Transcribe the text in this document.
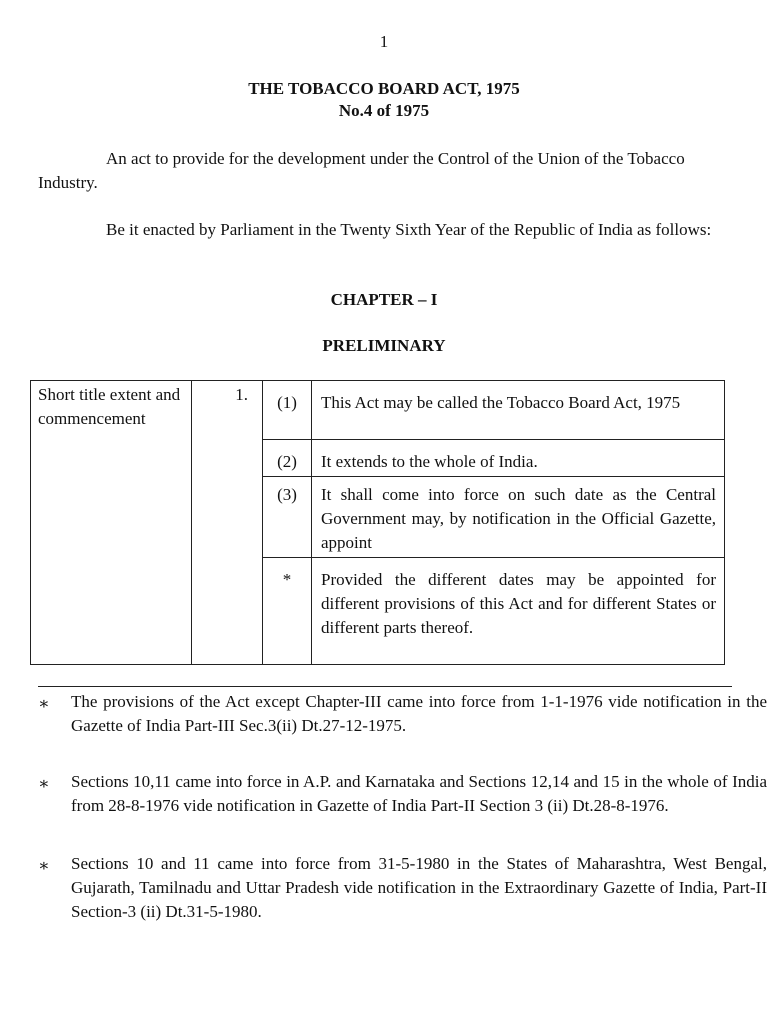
1
THE TOBACCO BOARD ACT, 1975
No.4 of 1975
An act to provide for the development under the Control of the Union of the Tobacco Industry.
Be it enacted by Parliament in the Twenty Sixth Year of the Republic of India as follows:
CHAPTER – I
PRELIMINARY
Short title extent and commencement	1.	(1)	This Act may be called the Tobacco Board Act, 1975
		(2)	It extends to the whole of India.
		(3)	It shall come into force on such date as the Central Government may, by notification in the Official Gazette, appoint
		*	Provided the different dates may be appointed for different provisions of this Act and for different States or different parts thereof.
∗	The provisions of the Act except Chapter-III came into force from 1-1-1976 vide notification in the Gazette of India Part-III Sec.3(ii) Dt.27-12-1975.
∗	Sections 10,11 came into force in A.P. and Karnataka and Sections 12,14 and 15 in the whole of India from 28-8-1976 vide notification in Gazette of India Part-II Section 3 (ii) Dt.28-8-1976.
∗	Sections 10 and 11 came into force from 31-5-1980 in the States of Maharashtra, West Bengal, Gujarath, Tamilnadu and Uttar Pradesh vide notification in the Extraordinary Gazette of India, Part-II Section-3 (ii) Dt.31-5-1980.
